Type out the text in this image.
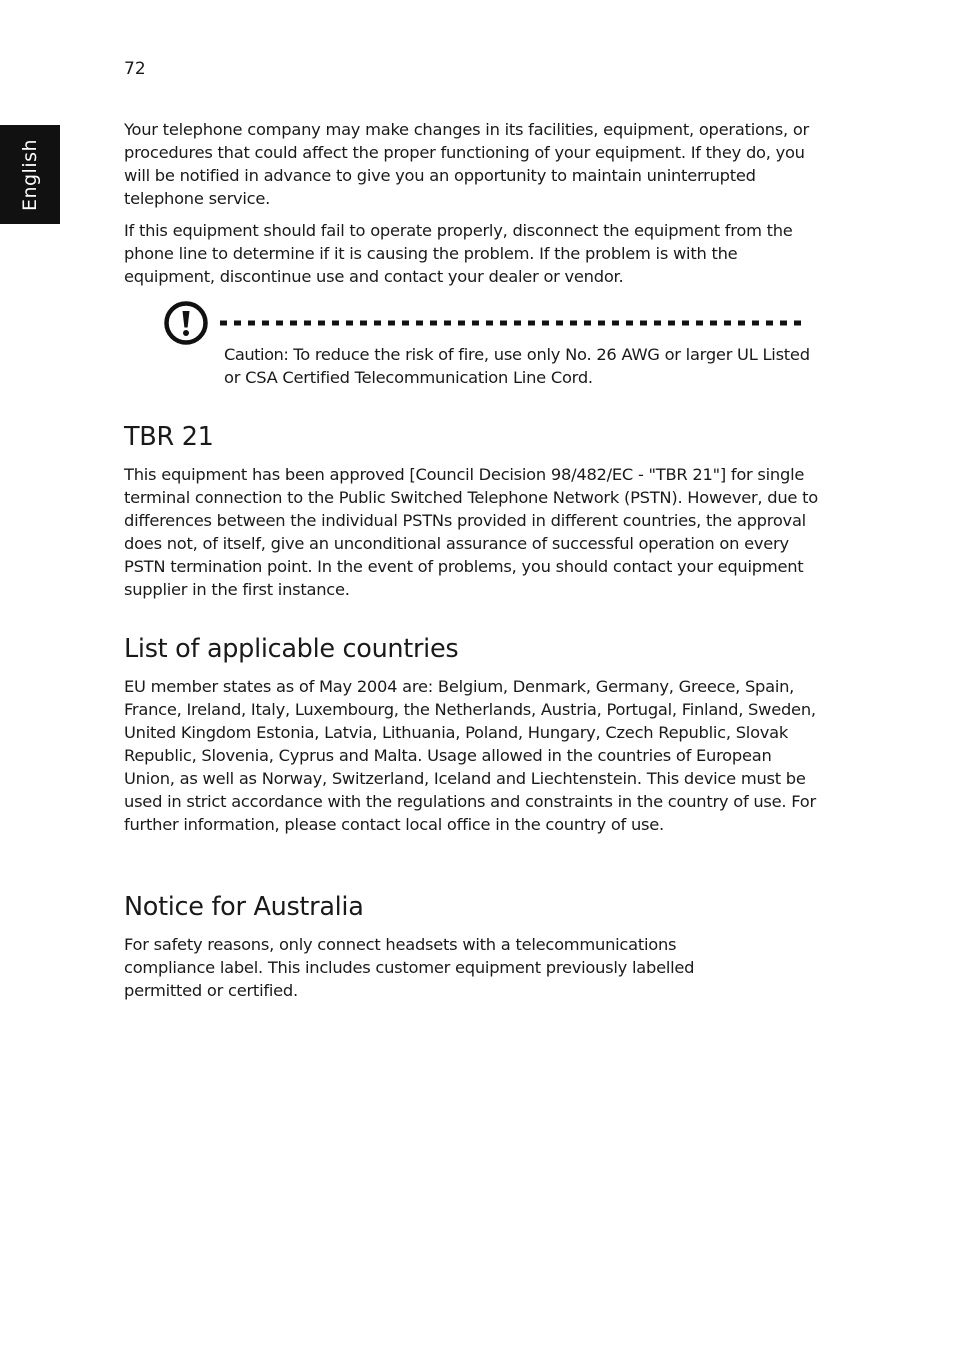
72
English

Your telephone company may make changes in its facilities, equipment, operations, or procedures that could affect the proper functioning of your equipment. If they do, you will be notified in advance to give you an opportunity to maintain uninterrupted telephone service.

If this equipment should fail to operate properly, disconnect the equipment from the phone line to determine if it is causing the problem. If the problem is with the equipment, discontinue use and contact your dealer or vendor.

Caution: To reduce the risk of fire, use only No. 26 AWG or larger UL Listed or CSA Certified Telecommunication Line Cord.

TBR 21

This equipment has been approved [Council Decision 98/482/EC - "TBR 21"] for single terminal connection to the Public Switched Telephone Network (PSTN). However, due to differences between the individual PSTNs provided in different countries, the approval does not, of itself, give an unconditional assurance of successful operation on every PSTN termination point. In the event of problems, you should contact your equipment supplier in the first instance.

List of applicable countries

EU member states as of May 2004 are: Belgium, Denmark, Germany, Greece, Spain, France, Ireland, Italy, Luxembourg, the Netherlands, Austria, Portugal, Finland, Sweden, United Kingdom Estonia, Latvia, Lithuania, Poland, Hungary, Czech Republic, Slovak Republic, Slovenia, Cyprus and Malta. Usage allowed in the countries of European Union, as well as Norway, Switzerland, Iceland and Liechtenstein. This device must be used in strict accordance with the regulations and constraints in the country of use. For further information, please contact local office in the country of use.

Notice for Australia

For safety reasons, only connect headsets with a telecommunications compliance label. This includes customer equipment previously labelled permitted or certified.
